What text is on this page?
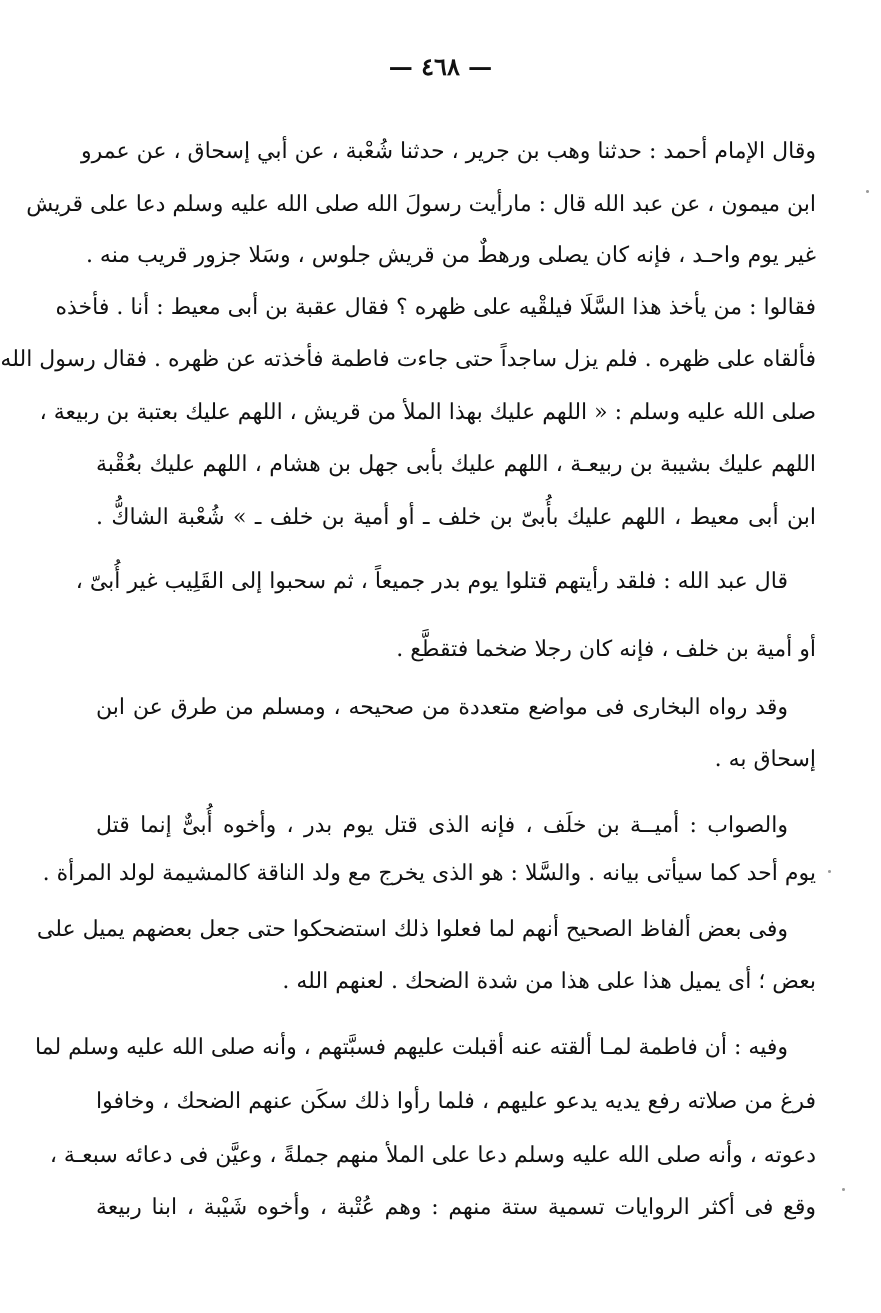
— ٤٦٨ —
وقال الإمام أحمد : حدثنا وهب بن جرير ، حدثنا شُعْبة ، عن أبي إسحاق ، عن عمرو
ابن ميمون ، عن عبد الله قال : مارأيت رسولَ الله صلى الله عليه وسلم دعا على قريش
غير يوم واحـد ، فإنه كان يصلى ورهطٌ من قريش جلوس ، وسَلا جزور قريب منه .
فقالوا : من يأخذ هذا السَّلَا فيلقْيه على ظهره ؟ فقال عقبة بن أبى معيط : أنا . فأخذه
فألقاه على ظهره . فلم يزل ساجداً حتى جاءت فاطمة فأخذته عن ظهره . فقال رسول الله
صلى الله عليه وسلم : « اللهم عليك بهذا الملأ من قريش ، اللهم عليك بعتبة بن ربيعة ،
اللهم عليك بشيبة بن ربيعـة ، اللهم عليك بأبى جهل بن هشام ، اللهم عليك بعُقْبة
ابن أبى معيط ، اللهم عليك بأُبىّ بن خلف ـ أو أمية بن خلف ـ » شُعْبة الشاكُّ .
قال عبد الله : فلقد رأيتهم قتلوا يوم بدر جميعاً ، ثم سحبوا إلى القَلِيب غير أُبىّ ،
أو أمية بن خلف ، فإنه كان رجلا ضخما فتقطَّع .
وقد رواه البخارى فى مواضع متعددة من صحيحه ، ومسلم من طرق عن ابن
إسحاق به .
والصواب : أميــة بن خلَف ، فإنه الذى قتل يوم بدر ، وأخوه أُبىٌّ إنما قتل
يوم أحد كما سيأتى بيانه . والسَّلا : هو الذى يخرج مع ولد الناقة كالمشيمة لولد المرأة .
وفى بعض ألفاظ الصحيح أنهم لما فعلوا ذلك استضحكوا حتى جعل بعضهم يميل على
بعض ؛ أى يميل هذا على هذا من شدة الضحك . لعنهم الله .
وفيه : أن فاطمة لمـا ألقته عنه أقبلت عليهم فسبَّتهم ، وأنه صلى الله عليه وسلم لما
فرغ من صلاته رفع يديه يدعو عليهم ، فلما رأوا ذلك سكَن عنهم الضحك ، وخافوا
دعوته ، وأنه صلى الله عليه وسلم دعا على الملأ منهم جملةً ، وعيَّن فى دعائه سبعـة ،
وقع فى أكثر الروايات تسمية ستة منهم : وهم عُتْبة ، وأخوه شَيْبة ، ابنا ربيعة
